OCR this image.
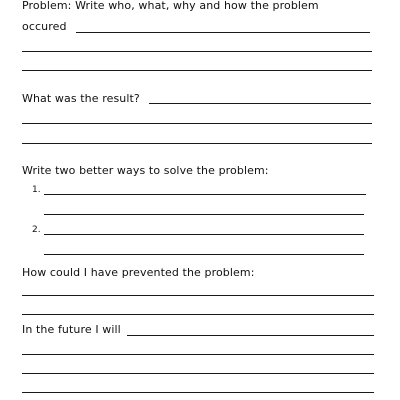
Problem: Write who, what, why and how the problem
occured
What was the result?
Write two better ways to solve the problem:
1.
2.
How could I have prevented the problem:
In the future I will
